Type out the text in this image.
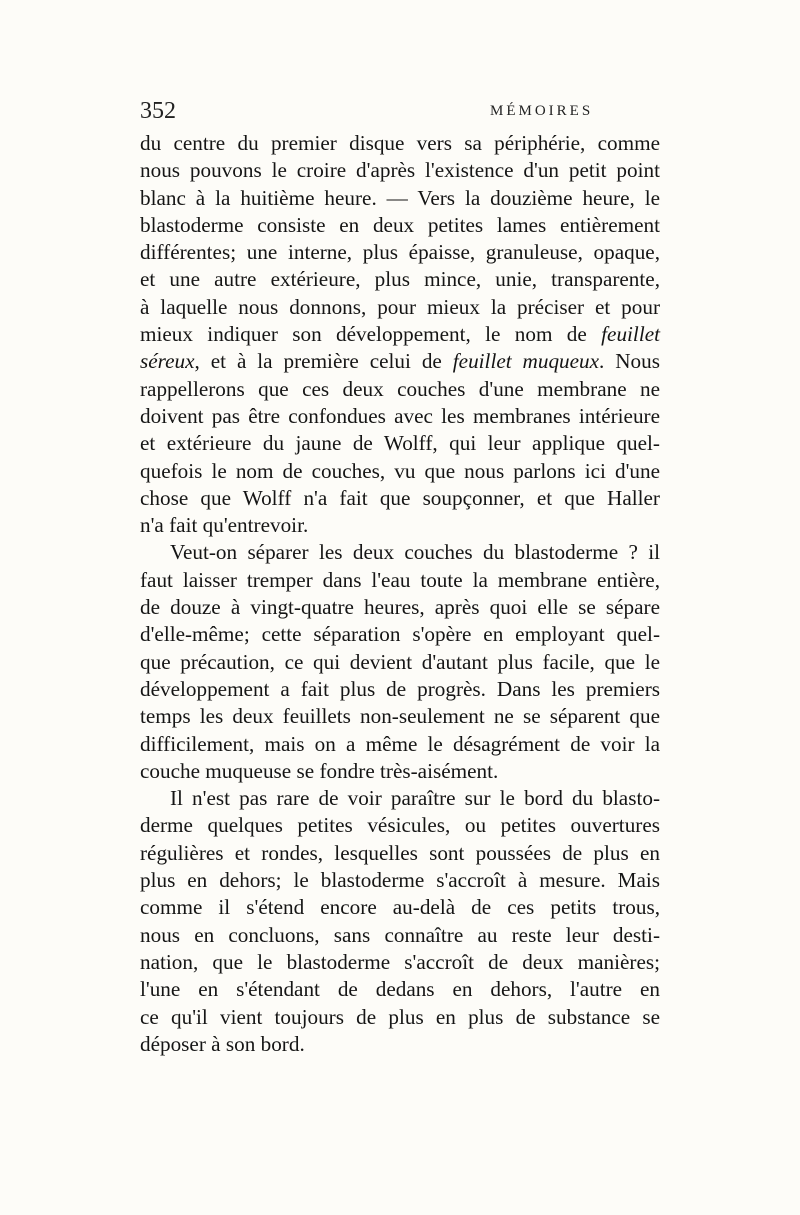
352	MÉMOIRES
du centre du premier disque vers sa périphérie, comme
nous pouvons le croire d'après l'existence d'un petit point
blanc à la huitième heure. — Vers la douzième heure, le
blastoderme consiste en deux petites lames entièrement
différentes; une interne, plus épaisse, granuleuse, opaque,
et une autre extérieure, plus mince, unie, transparente,
à laquelle nous donnons, pour mieux la préciser et pour
mieux indiquer son développement, le nom de feuillet
séreux, et à la première celui de feuillet muqueux. Nous
rappellerons que ces deux couches d'une membrane ne
doivent pas être confondues avec les membranes intérieure
et extérieure du jaune de Wolff, qui leur applique quel-
quefois le nom de couches, vu que nous parlons ici d'une
chose que Wolff n'a fait que soupçonner, et que Haller
n'a fait qu'entrevoir.
Veut-on séparer les deux couches du blastoderme ? il
faut laisser tremper dans l'eau toute la membrane entière,
de douze à vingt-quatre heures, après quoi elle se sépare
d'elle-même; cette séparation s'opère en employant quel-
que précaution, ce qui devient d'autant plus facile, que le
développement a fait plus de progrès. Dans les premiers
temps les deux feuillets non-seulement ne se séparent que
difficilement, mais on a même le désagrément de voir la
couche muqueuse se fondre très-aisément.
Il n'est pas rare de voir paraître sur le bord du blasto-
derme quelques petites vésicules, ou petites ouvertures
régulières et rondes, lesquelles sont poussées de plus en
plus en dehors; le blastoderme s'accroît à mesure. Mais
comme il s'étend encore au-delà de ces petits trous,
nous en concluons, sans connaître au reste leur desti-
nation, que le blastoderme s'accroît de deux manières;
l'une en s'étendant de dedans en dehors, l'autre en
ce qu'il vient toujours de plus en plus de substance se
déposer à son bord.
